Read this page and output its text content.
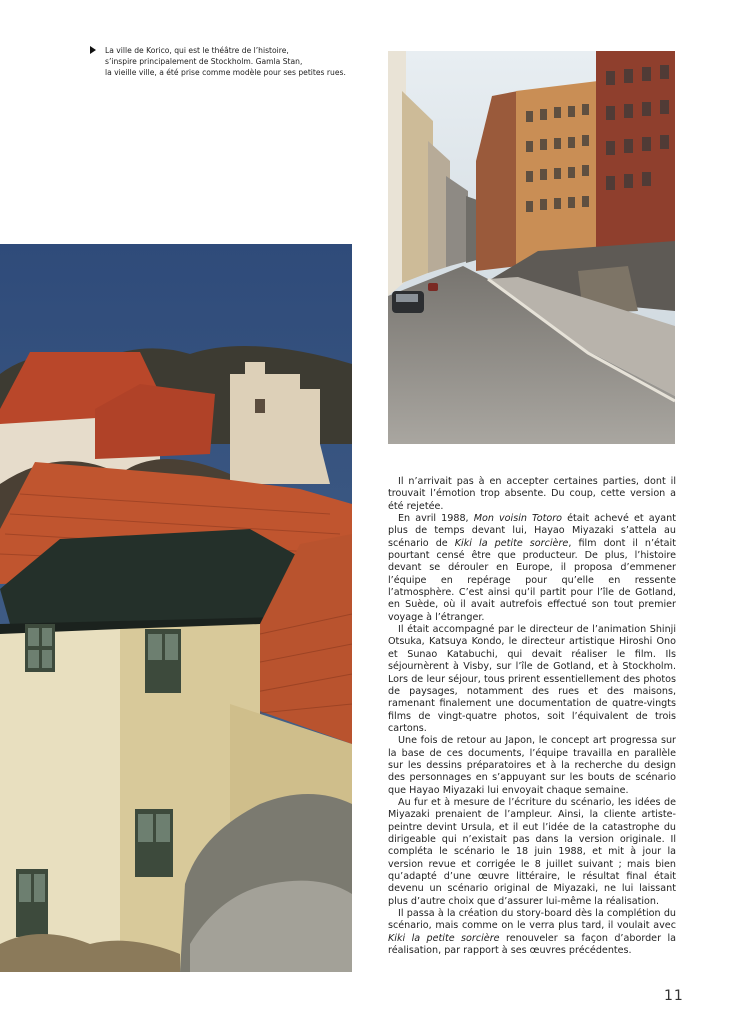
La ville de Korico, qui est le théâtre de l’histoire,
s’inspire principalement de Stockholm. Gamla Stan,
la vieille ville, a été prise comme modèle pour ses petites rues.

Il n’arrivait pas à en accepter certaines parties, dont il trouvait l’émotion trop absente. Du coup, cette version a été rejetée.

En avril 1988, Mon voisin Totoro était achevé et ayant plus de temps devant lui, Hayao Miyazaki s’attela au scénario de Kiki la petite sorcière, film dont il n’était pourtant censé être que producteur. De plus, l’histoire devant se dérouler en Europe, il proposa d’emmener l’équipe en repérage pour qu’elle en ressente l’atmosphère. C’est ainsi qu’il partit pour l’île de Gotland, en Suède, où il avait autrefois effectué son tout premier voyage à l’étranger.

Il était accompagné par le directeur de l’animation Shinji Otsuka, Katsuya Kondo, le directeur artistique Hiroshi Ono et Sunao Katabuchi, qui devait réaliser le film. Ils séjournèrent à Visby, sur l’île de Gotland, et à Stockholm. Lors de leur séjour, tous prirent essentiellement des photos de paysages, notamment des rues et des maisons, ramenant finalement une documentation de quatre-vingts films de vingt-quatre photos, soit l’équivalent de trois cartons.

Une fois de retour au Japon, le concept art progressa sur la base de ces documents, l’équipe travailla en parallèle sur les dessins préparatoires et à la recherche du design des personnages en s’appuyant sur les bouts de scénario que Hayao Miyazaki lui envoyait chaque semaine.

Au fur et à mesure de l’écriture du scénario, les idées de Miyazaki prenaient de l’ampleur. Ainsi, la cliente artiste-peintre devint Ursula, et il eut l’idée de la catastrophe du dirigeable qui n’existait pas dans la version originale. Il compléta le scénario le 18 juin 1988, et mit à jour la version revue et corrigée le 8 juillet suivant ; mais bien qu’adapté d’une œuvre littéraire, le résultat final était devenu un scénario original de Miyazaki, ne lui laissant plus d’autre choix que d’assurer lui-même la réalisation.

Il passa à la création du story-board dès la complétion du scénario, mais comme on le verra plus tard, il voulait avec Kiki la petite sorcière renouveler sa façon d’aborder la réalisation, par rapport à ses œuvres précédentes.

11
